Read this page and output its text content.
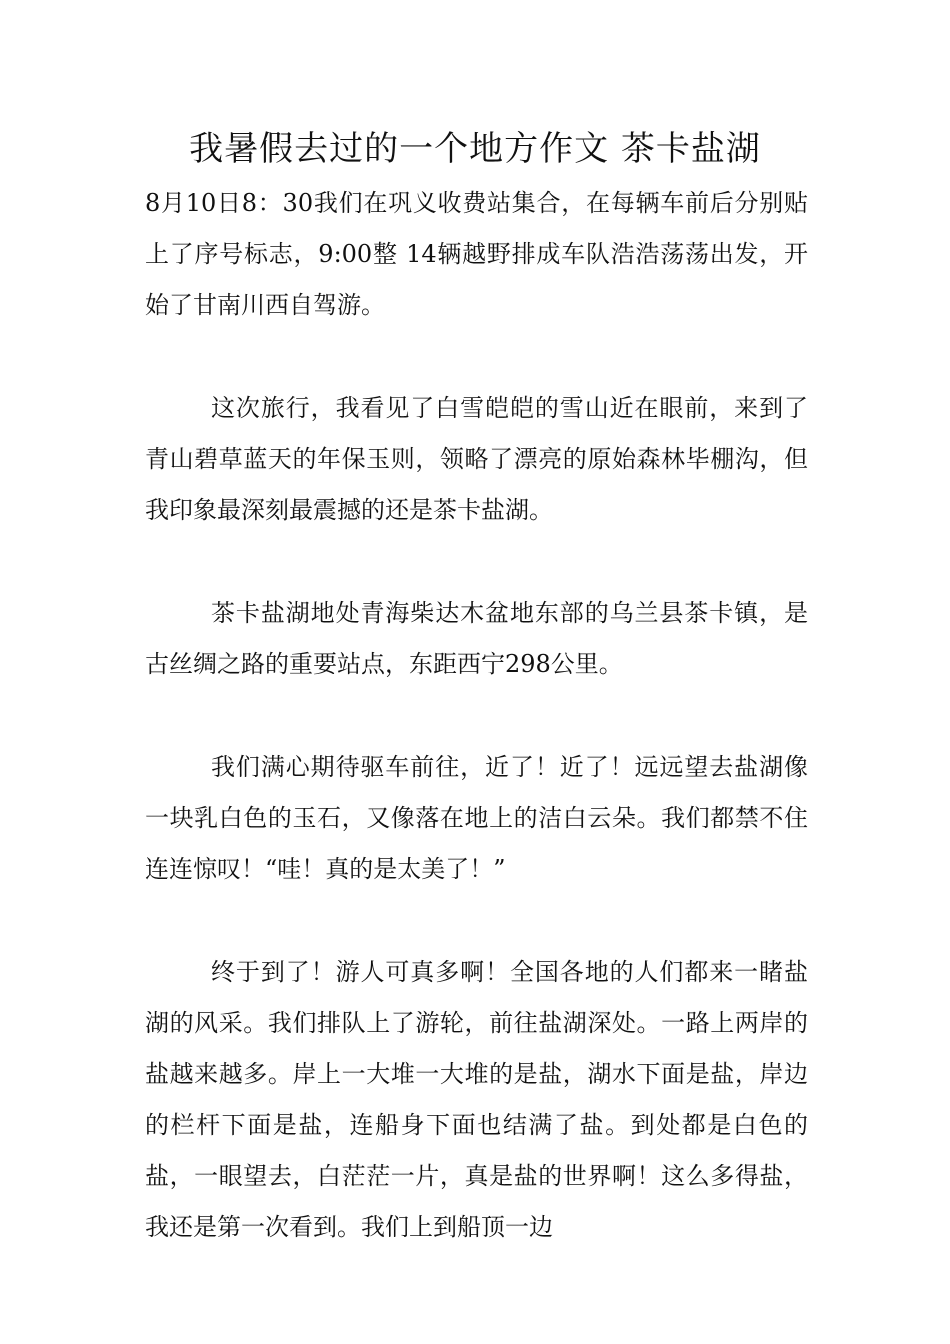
我暑假去过的一个地方作文 茶卡盐湖

8月10日8：30我们在巩义收费站集合，在每辆车前后分别贴上了序号标志，9:00整 14辆越野排成车队浩浩荡荡出发，开始了甘南川西自驾游。

这次旅行，我看见了白雪皑皑的雪山近在眼前，来到了青山碧草蓝天的年保玉则，领略了漂亮的原始森林毕棚沟，但我印象最深刻最震撼的还是茶卡盐湖。

茶卡盐湖地处青海柴达木盆地东部的乌兰县茶卡镇，是古丝绸之路的重要站点，东距西宁298公里。

我们满心期待驱车前往，近了！近了！远远望去盐湖像一块乳白色的玉石，又像落在地上的洁白云朵。我们都禁不住连连惊叹！“哇！真的是太美了！”

终于到了！游人可真多啊！全国各地的人们都来一睹盐湖的风采。我们排队上了游轮，前往盐湖深处。一路上两岸的盐越来越多。岸上一大堆一大堆的是盐，湖水下面是盐，岸边的栏杆下面是盐，连船身下面也结满了盐。到处都是白色的盐，一眼望去，白茫茫一片，真是盐的世界啊！这么多得盐，我还是第一次看到。我们上到船顶一边
